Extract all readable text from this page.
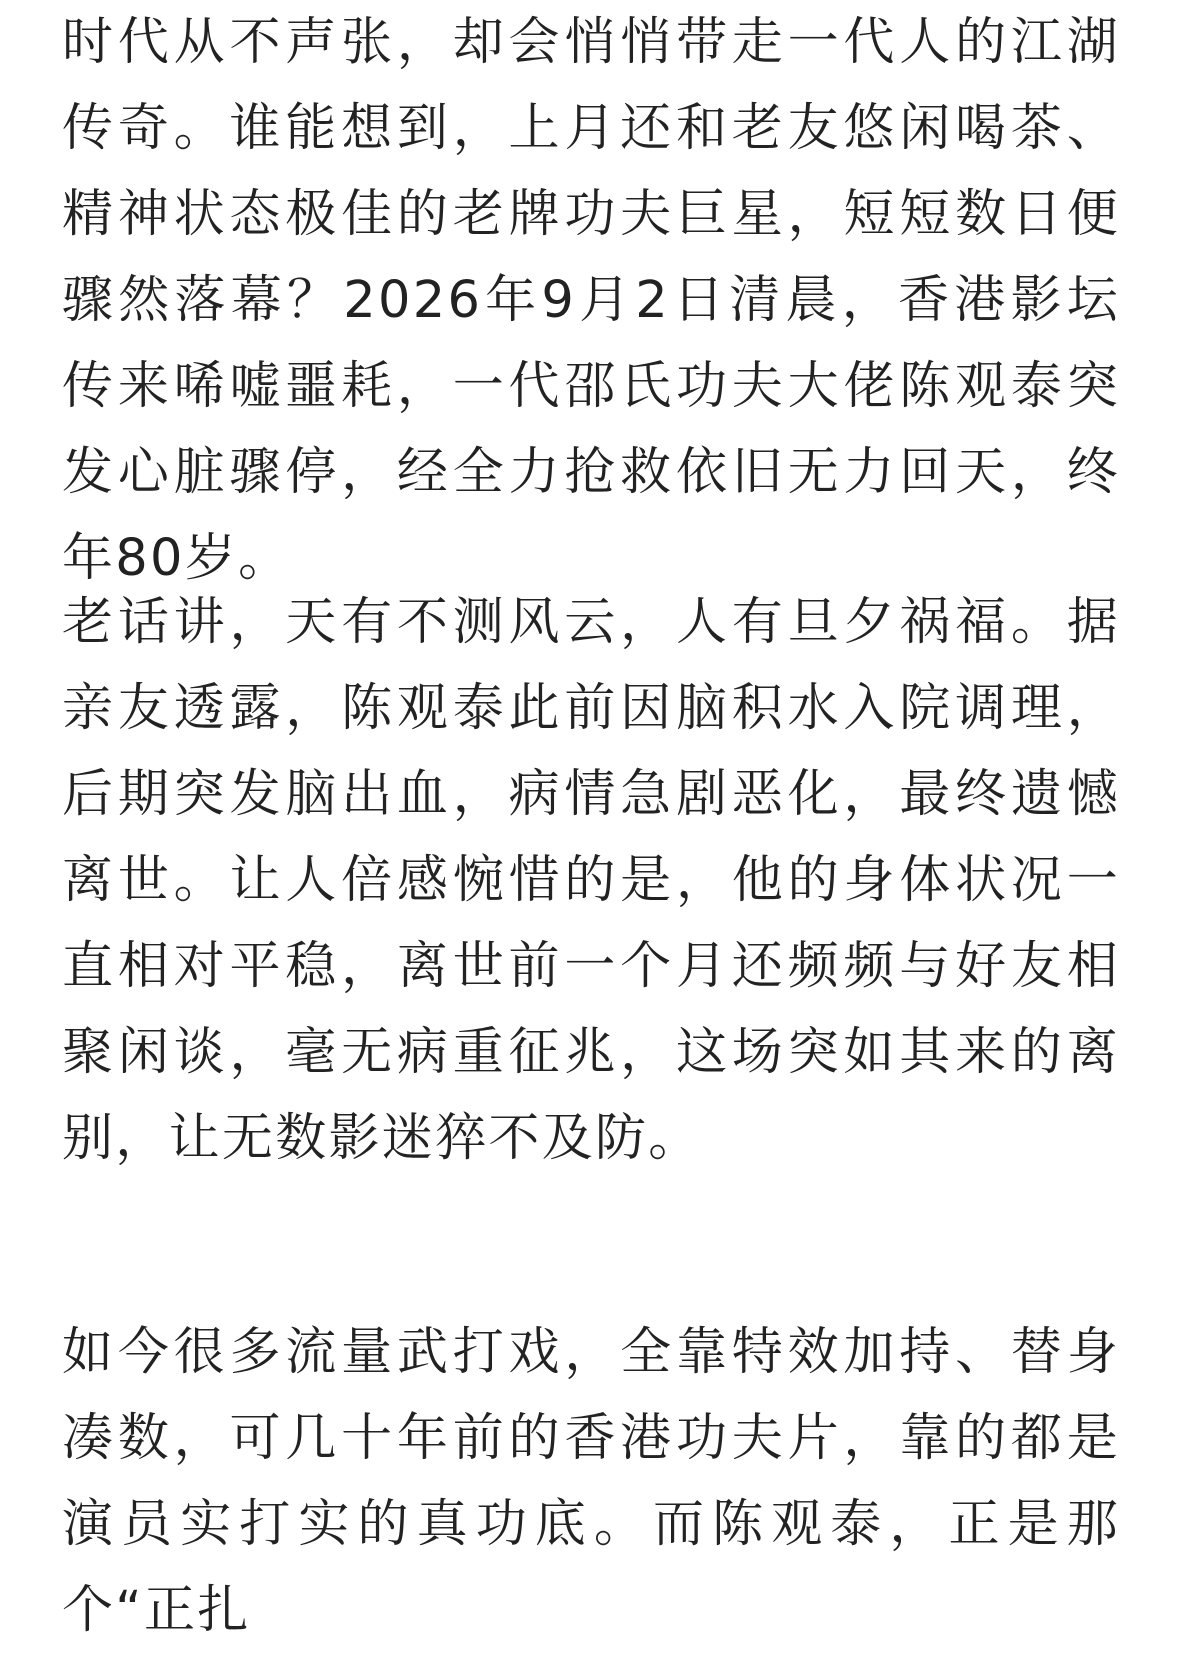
时代从不声张，却会悄悄带走一代人的江湖传奇。谁能想到，上月还和老友悠闲喝茶、精神状态极佳的老牌功夫巨星，短短数日便骤然落幕？2026年9月2日清晨，香港影坛传来唏嘘噩耗，一代邵氏功夫大佬陈观泰突发心脏骤停，经全力抢救依旧无力回天，终年80岁。

老话讲，天有不测风云，人有旦夕祸福。据亲友透露，陈观泰此前因脑积水入院调理，后期突发脑出血，病情急剧恶化，最终遗憾离世。让人倍感惋惜的是，他的身体状况一直相对平稳，离世前一个月还频频与好友相聚闲谈，毫无病重征兆，这场突如其来的离别，让无数影迷猝不及防。

如今很多流量武打戏，全靠特效加持、替身凑数，可几十年前的香港功夫片，靠的都是演员实打实的真功底。而陈观泰，正是那个“正扎
